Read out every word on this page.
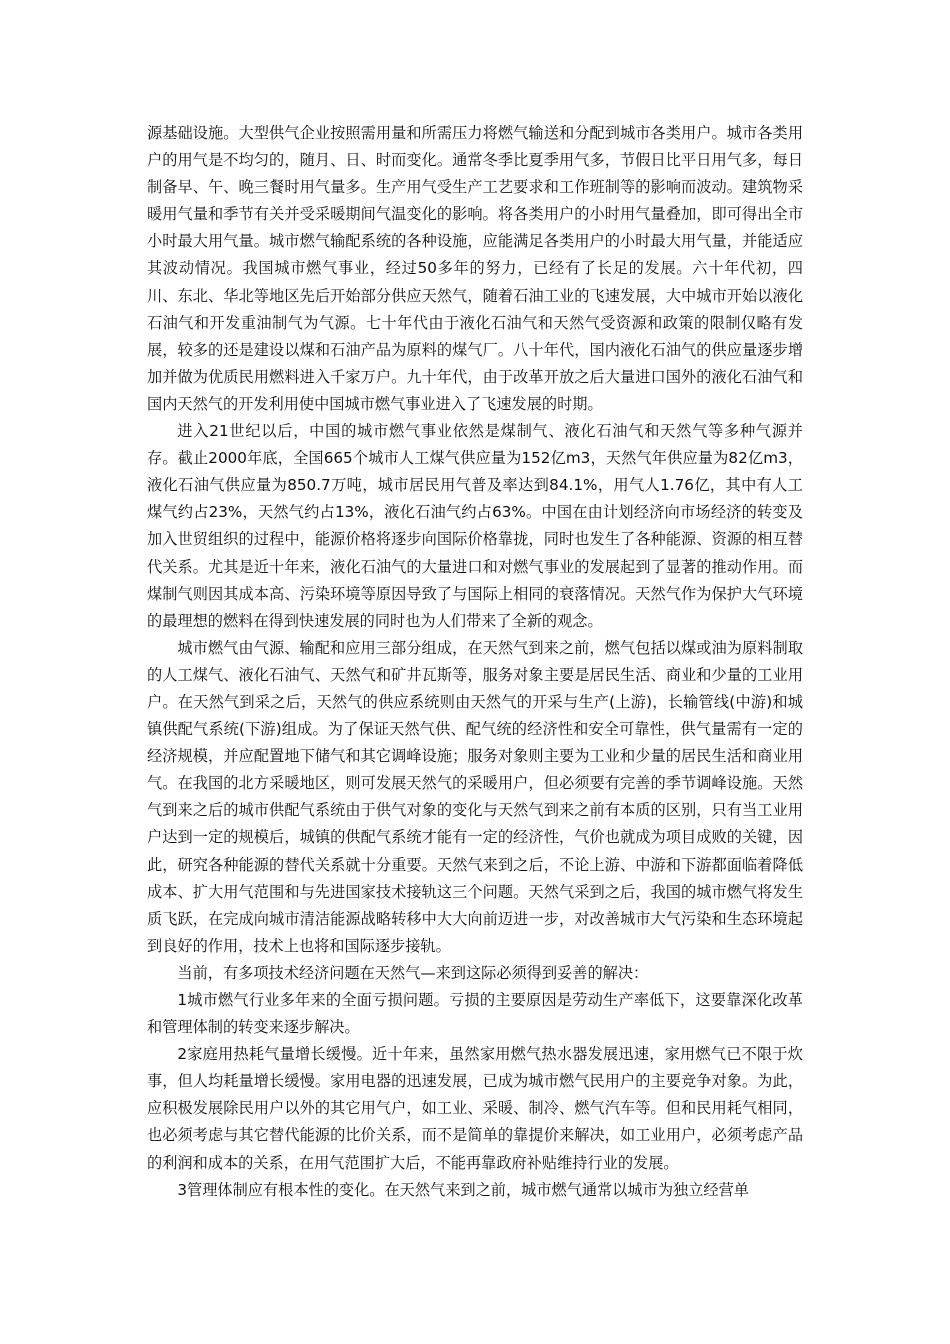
源基础设施。大型供气企业按照需用量和所需压力将燃气输送和分配到城市各类用户。城市各类用户的用气是不均匀的，随月、日、时而变化。通常冬季比夏季用气多，节假日比平日用气多，每日制备早、午、晚三餐时用气量多。生产用气受生产工艺要求和工作班制等的影响而波动。建筑物采暖用气量和季节有关并受采暖期间气温变化的影响。将各类用户的小时用气量叠加，即可得出全市小时最大用气量。城市燃气输配系统的各种设施，应能满足各类用户的小时最大用气量，并能适应其波动情况。我国城市燃气事业，经过50多年的努力，已经有了长足的发展。六十年代初，四川、东北、华北等地区先后开始部分供应天然气，随着石油工业的飞速发展，大中城市开始以液化石油气和开发重油制气为气源。七十年代由于液化石油气和天然气受资源和政策的限制仅略有发展，较多的还是建设以煤和石油产品为原料的煤气厂。八十年代，国内液化石油气的供应量逐步增加并做为优质民用燃料进入千家万户。九十年代，由于改革开放之后大量进口国外的液化石油气和国内天然气的开发利用使中国城市燃气事业进入了飞速发展的时期。

进入21世纪以后，中国的城市燃气事业依然是煤制气、液化石油气和天然气等多种气源并存。截止2000年底，全国665个城市人工煤气供应量为152亿m3，天然气年供应量为82亿m3，液化石油气供应量为850.7万吨，城市居民用气普及率达到84.1%，用气人1.76亿，其中有人工煤气约占23%，天然气约占13%，液化石油气约占63%。中国在由计划经济向市场经济的转变及加入世贸组织的过程中，能源价格将逐步向国际价格靠拢，同时也发生了各种能源、资源的相互替代关系。尤其是近十年来，液化石油气的大量进口和对燃气事业的发展起到了显著的推动作用。而煤制气则因其成本高、污染环境等原因导致了与国际上相同的衰落情况。天然气作为保护大气环境的最理想的燃料在得到快速发展的同时也为人们带来了全新的观念。

城市燃气由气源、输配和应用三部分组成，在天然气到来之前，燃气包括以煤或油为原料制取的人工煤气、液化石油气、天然气和矿井瓦斯等，服务对象主要是居民生活、商业和少量的工业用户。在天然气到采之后，天然气的供应系统则由天然气的开采与生产(上游)，长输管线(中游)和城镇供配气系统(下游)组成。为了保证天然气供、配气统的经济性和安全可靠性，供气量需有一定的经济规模，并应配置地下储气和其它调峰设施；服务对象则主要为工业和少量的居民生活和商业用气。在我国的北方采暖地区，则可发展天然气的采暖用户，但必须要有完善的季节调峰设施。天然气到来之后的城市供配气系统由于供气对象的变化与天然气到来之前有本质的区别，只有当工业用户达到一定的规模后，城镇的供配气系统才能有一定的经济性，气价也就成为项目成败的关键，因此，研究各种能源的替代关系就十分重要。天然气来到之后，不论上游、中游和下游都面临着降低成本、扩大用气范围和与先进国家技术接轨这三个问题。天然气采到之后，我国的城市燃气将发生质飞跃，在完成向城市清洁能源战略转移中大大向前迈进一步，对改善城市大气污染和生态环境起到良好的作用，技术上也将和国际逐步接轨。

当前，有多项技术经济问题在天然气—来到这际必须得到妥善的解决：

1城市燃气行业多年来的全面亏损问题。亏损的主要原因是劳动生产率低下，这要靠深化改革和管理体制的转变来逐步解决。

2家庭用热耗气量增长缓慢。近十年来，虽然家用燃气热水器发展迅速，家用燃气已不限于炊事，但人均耗量增长缓慢。家用电器的迅速发展，已成为城市燃气民用户的主要竞争对象。为此，应积极发展除民用户以外的其它用气户，如工业、采暖、制冷、燃气汽车等。但和民用耗气相同，也必须考虑与其它替代能源的比价关系，而不是简单的靠提价来解决，如工业用户，必须考虑产品的利润和成本的关系，在用气范围扩大后，不能再靠政府补贴维持行业的发展。

3管理体制应有根本性的变化。在天然气来到之前，城市燃气通常以城市为独立经营单
